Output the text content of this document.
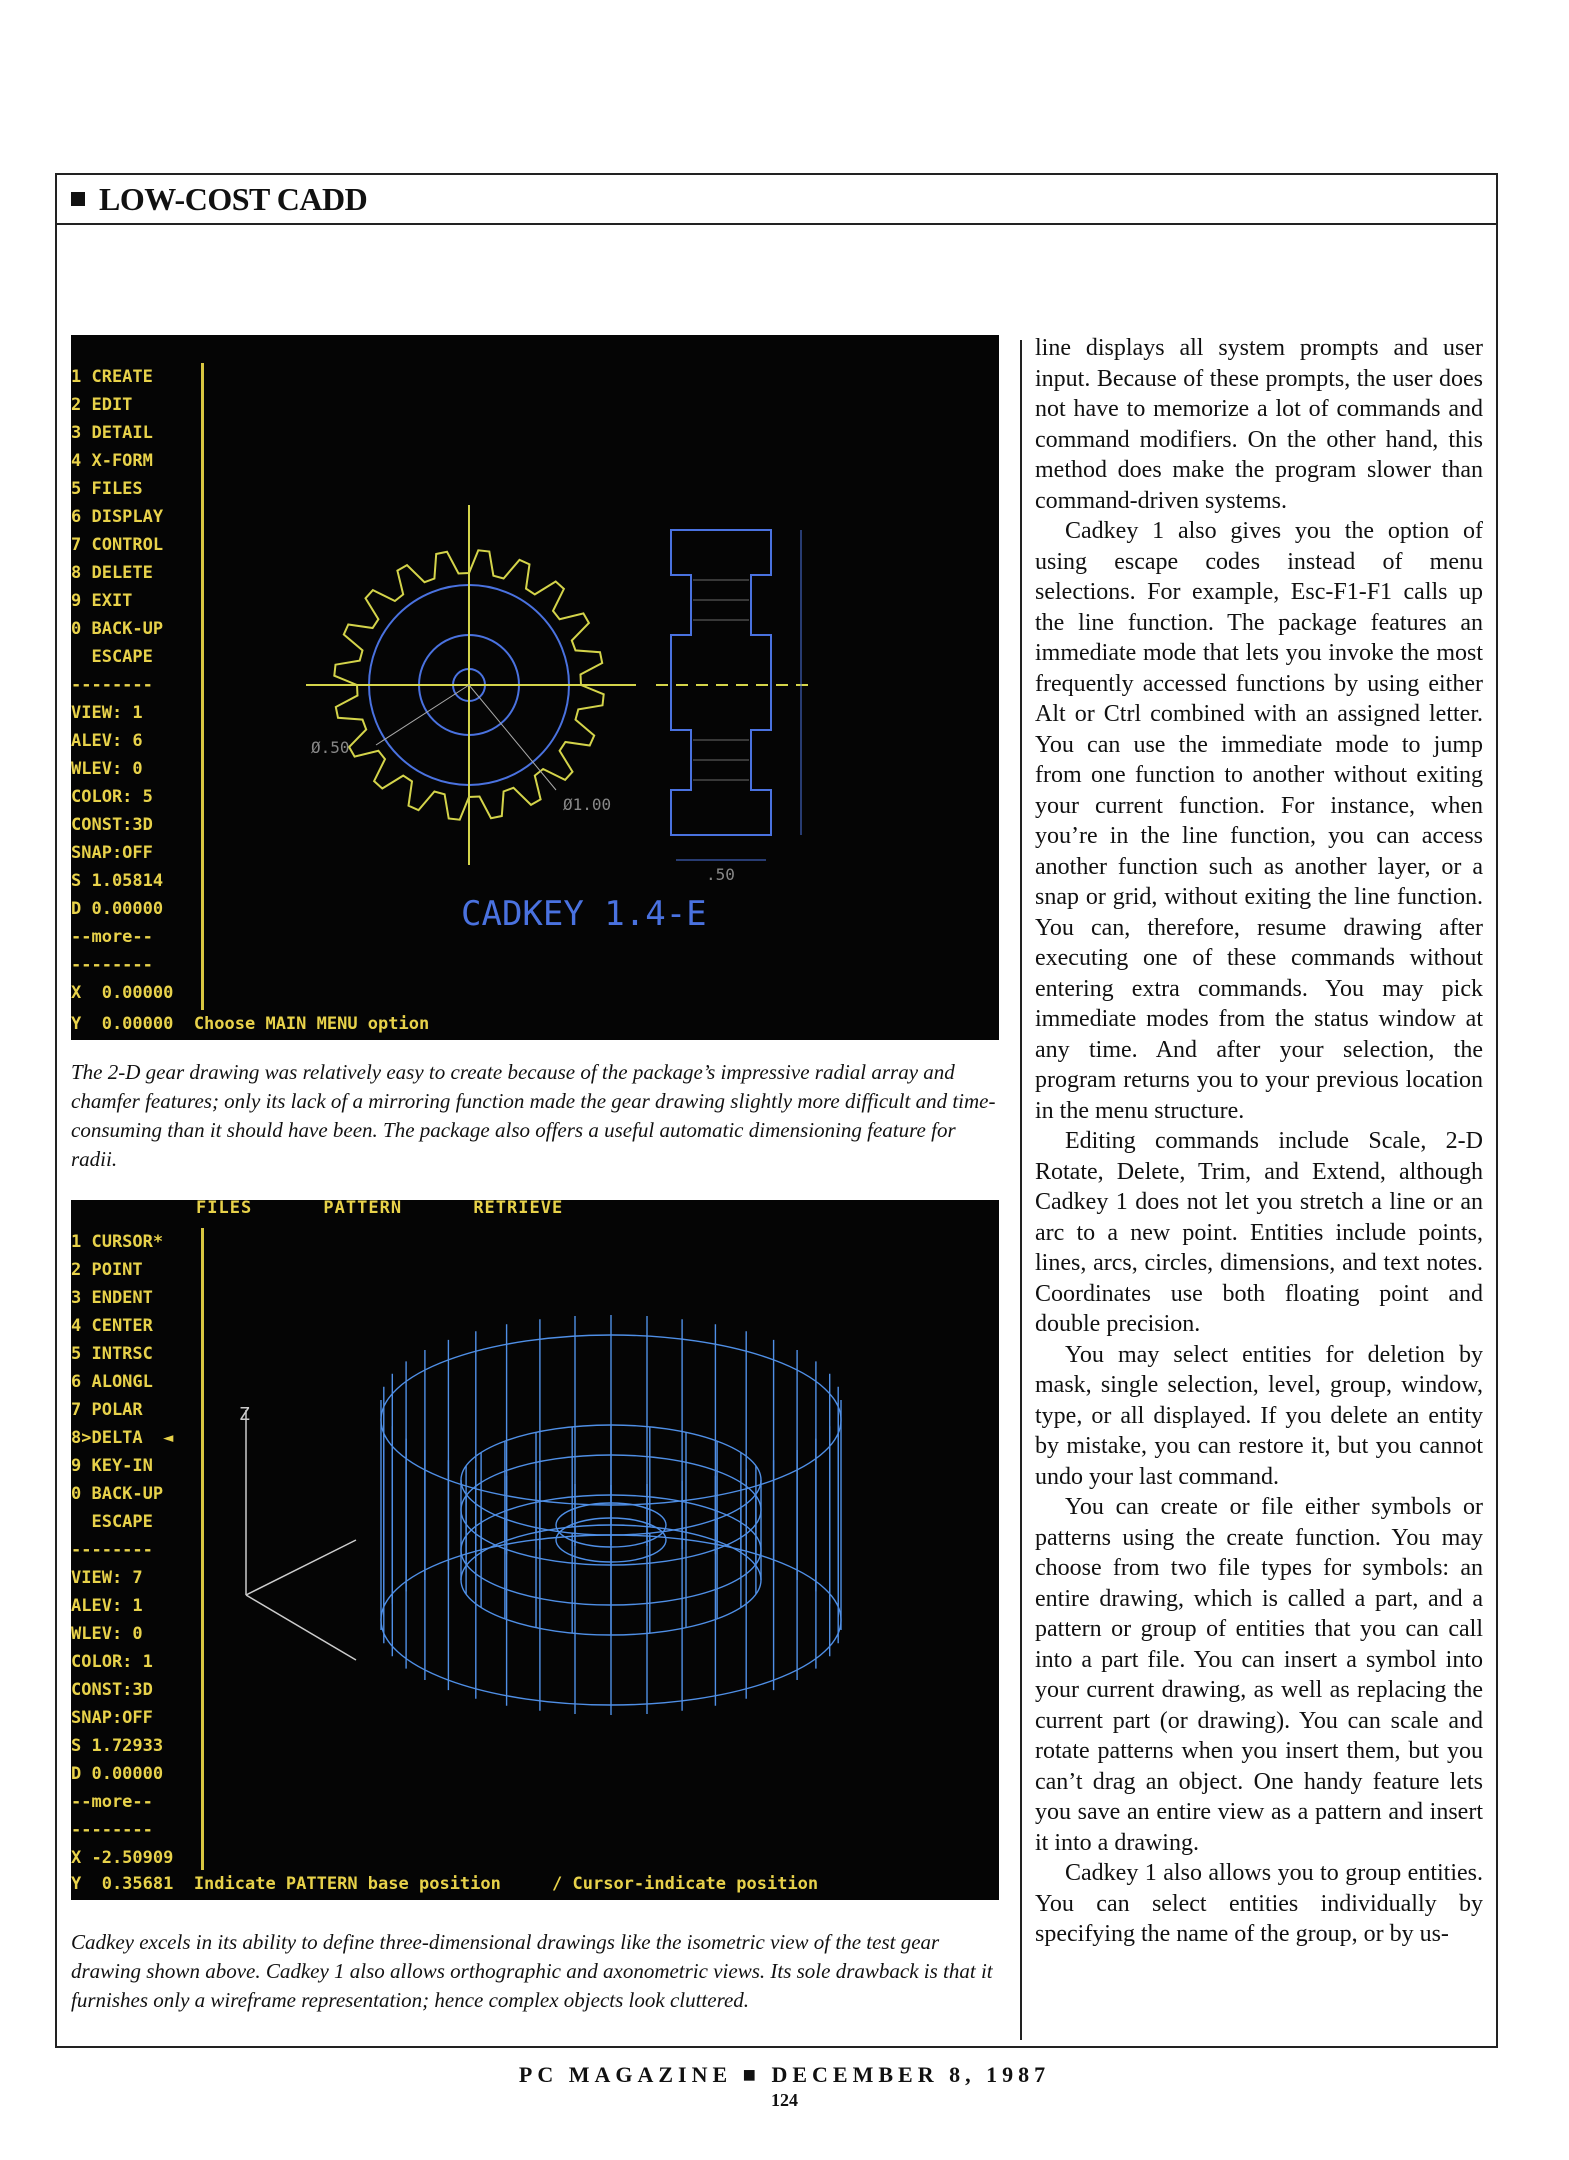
LOW-COST CADD
1 CREATE
2 EDIT
3 DETAIL
4 X-FORM
5 FILES
6 DISPLAY
7 CONTROL
8 DELETE
9 EXIT
0 BACK-UP
ESCAPE
--------
VIEW: 1
ALEV: 6
WLEV: 0
COLOR: 5
CONST:3D
SNAP:OFF
S 1.05814
D 0.00000
--more--
--------
X  0.00000
Ø.50
Ø1.00
.50
CADKEY 1.4-E
Y  0.00000  Choose MAIN MENU option
The 2-D gear drawing was relatively easy to create because of the package’s impressive radial array and chamfer features; only its lack of a mirroring function made the gear drawing slightly more difficult and time-consuming than it should have been. The package also offers a useful automatic dimensioning feature for radii.
FILES PATTERN RETRIEVE
1 CURSOR*
2 POINT
3 ENDENT
4 CENTER
5 INTRSC
6 ALONGL
7 POLAR
8>DELTA  ◄
9 KEY-IN
0 BACK-UP
ESCAPE
--------
VIEW: 7
ALEV: 1
WLEV: 0
COLOR: 1
CONST:3D
SNAP:OFF
S 1.72933
D 0.00000
--more--
--------
X -2.50909
Z
Y  0.35681  Indicate PATTERN base position     / Cursor-indicate position
Cadkey excels in its ability to define three-dimensional drawings like the isometric view of the test gear drawing shown above. Cadkey 1 also allows orthographic and axonometric views. Its sole drawback is that it furnishes only a wireframe representation; hence complex objects look cluttered.

line displays all system prompts and user input. Because of these prompts, the user does not have to memorize a lot of commands and command modifiers. On the other hand, this method does make the program slower than command-driven systems.

Cadkey 1 also gives you the option of using escape codes instead of menu selections. For example, Esc-F1-F1 calls up the line function. The package features an immediate mode that lets you invoke the most frequently accessed functions by using either Alt or Ctrl combined with an assigned letter. You can use the immediate mode to jump from one function to another without exiting your current function. For instance, when you’re in the line function, you can access another function such as another layer, or a snap or grid, without exiting the line function. You can, therefore, resume drawing after executing one of these commands without entering extra commands. You may pick immediate modes from the status window at any time. And after your selection, the program returns you to your previous location in the menu structure.

Editing commands include Scale, 2-D Rotate, Delete, Trim, and Extend, although Cadkey 1 does not let you stretch a line or an arc to a new point. Entities include points, lines, arcs, circles, dimensions, and text notes. Coordinates use both floating point and double precision.

You may select entities for deletion by mask, single selection, level, group, window, type, or all displayed. If you delete an entity by mistake, you can restore it, but you cannot undo your last command.

You can create or file either symbols or patterns using the create function. You may choose from two file types for symbols: an entire drawing, which is called a part, and a pattern or group of entities that you can call into a part file. You can insert a symbol into your current drawing, as well as replacing the current part (or drawing). You can scale and rotate patterns when you insert them, but you can’t drag an object. One handy feature lets you save an entire view as a pattern and insert it into a drawing.

Cadkey 1 also allows you to group entities. You can select entities individually by specifying the name of the group, or by us-

PC MAGAZINE ■ DECEMBER 8, 1987
124
